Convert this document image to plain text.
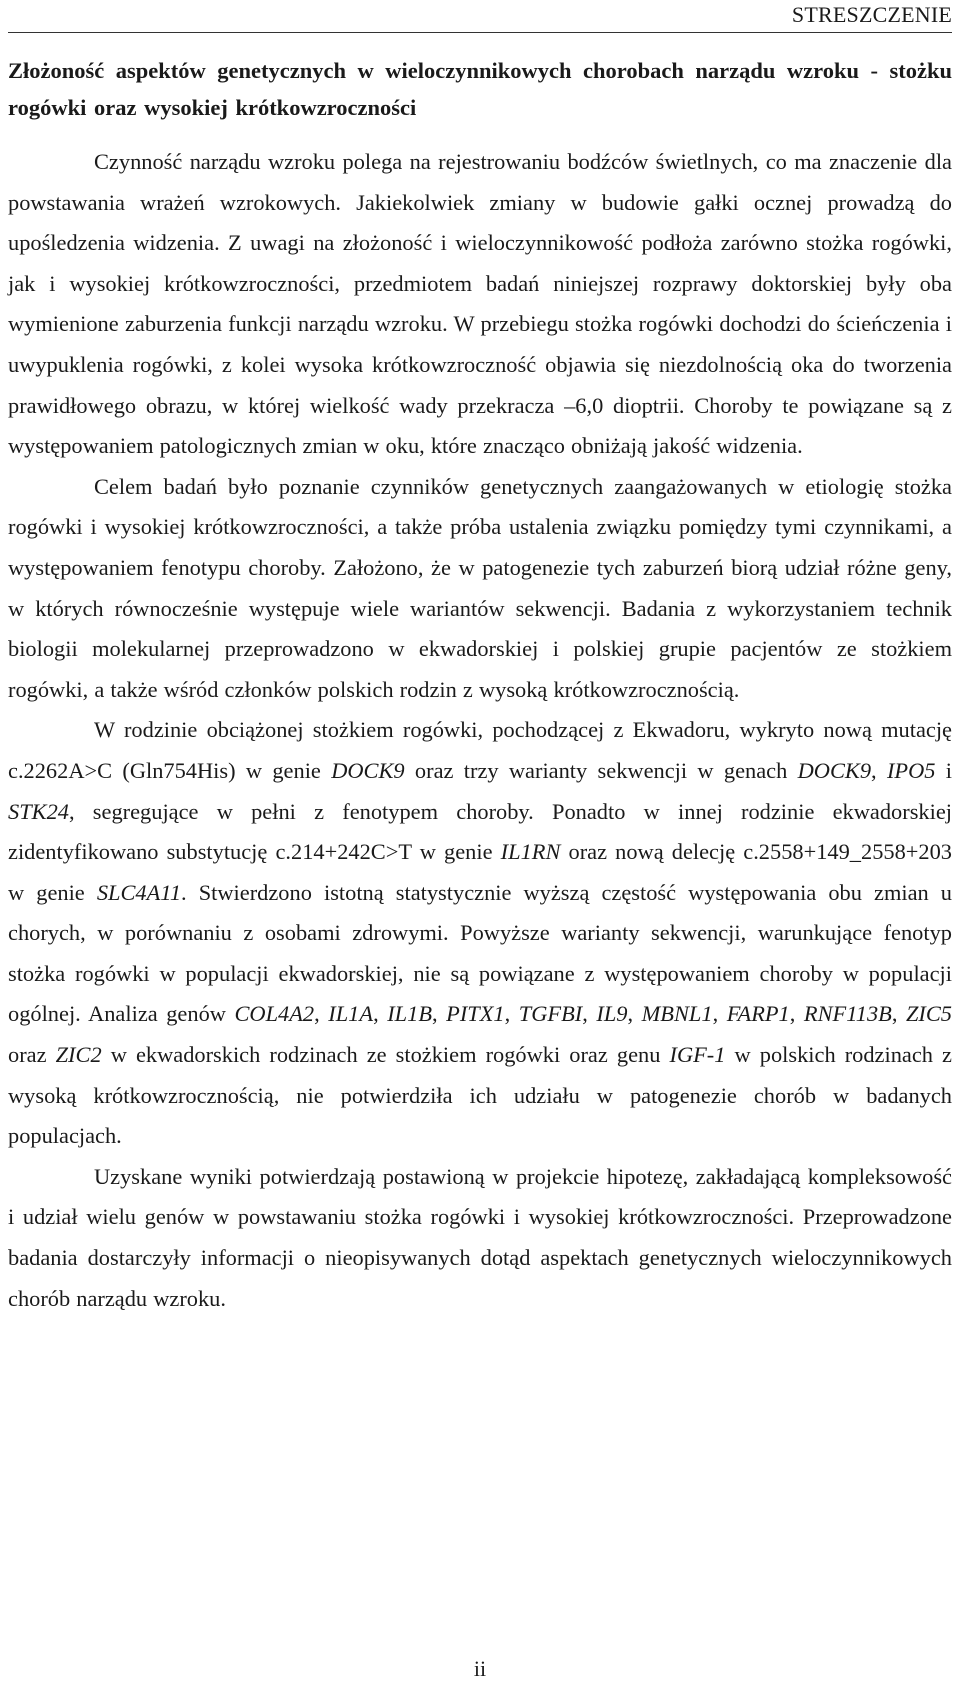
STRESZCZENIE
Złożoność aspektów genetycznych w wieloczynnikowych chorobach narządu wzroku - stożku rogówki oraz wysokiej krótkowzroczności

Czynność narządu wzroku polega na rejestrowaniu bodźców świetlnych, co ma znaczenie dla powstawania wrażeń wzrokowych. Jakiekolwiek zmiany w budowie gałki ocznej prowadzą do upośledzenia widzenia. Z uwagi na złożoność i wieloczynnikowość podłoża zarówno stożka rogówki, jak i wysokiej krótkowzroczności, przedmiotem badań niniejszej rozprawy doktorskiej były oba wymienione zaburzenia funkcji narządu wzroku. W przebiegu stożka rogówki dochodzi do ścieńczenia i uwypuklenia rogówki, z kolei wysoka krótkowzroczność objawia się niezdolnością oka do tworzenia prawidłowego obrazu, w której wielkość wady przekracza –6,0 dioptrii. Choroby te powiązane są z występowaniem patologicznych zmian w oku, które znacząco obniżają jakość widzenia.

Celem badań było poznanie czynników genetycznych zaangażowanych w etiologię stożka rogówki i wysokiej krótkowzroczności, a także próba ustalenia związku pomiędzy tymi czynnikami, a występowaniem fenotypu choroby. Założono, że w patogenezie tych zaburzeń biorą udział różne geny, w których równocześnie występuje wiele wariantów sekwencji. Badania z wykorzystaniem technik biologii molekularnej przeprowadzono w ekwadorskiej i polskiej grupie pacjentów ze stożkiem rogówki, a także wśród członków polskich rodzin z wysoką krótkowzrocznością.

W rodzinie obciążonej stożkiem rogówki, pochodzącej z Ekwadoru, wykryto nową mutację c.2262A>C (Gln754His) w genie DOCK9 oraz trzy warianty sekwencji w genach DOCK9, IPO5 i STK24, segregujące w pełni z fenotypem choroby. Ponadto w innej rodzinie ekwadorskiej zidentyfikowano substytucję c.214+242C>T w genie IL1RN oraz nową delecję c.2558+149_2558+203 w genie SLC4A11. Stwierdzono istotną statystycznie wyższą częstość występowania obu zmian u chorych, w porównaniu z osobami zdrowymi. Powyższe warianty sekwencji, warunkujące fenotyp stożka rogówki w populacji ekwadorskiej, nie są powiązane z występowaniem choroby w populacji ogólnej. Analiza genów COL4A2, IL1A, IL1B, PITX1, TGFBI, IL9, MBNL1, FARP1, RNF113B, ZIC5 oraz ZIC2 w ekwadorskich rodzinach ze stożkiem rogówki oraz genu IGF-1 w polskich rodzinach z wysoką krótkowzrocznością, nie potwierdziła ich udziału w patogenezie chorób w badanych populacjach.

Uzyskane wyniki potwierdzają postawioną w projekcie hipotezę, zakładającą kompleksowość i udział wielu genów w powstawaniu stożka rogówki i wysokiej krótkowzroczności. Przeprowadzone badania dostarczyły informacji o nieopisywanych dotąd aspektach genetycznych wieloczynnikowych chorób narządu wzroku.

ii
